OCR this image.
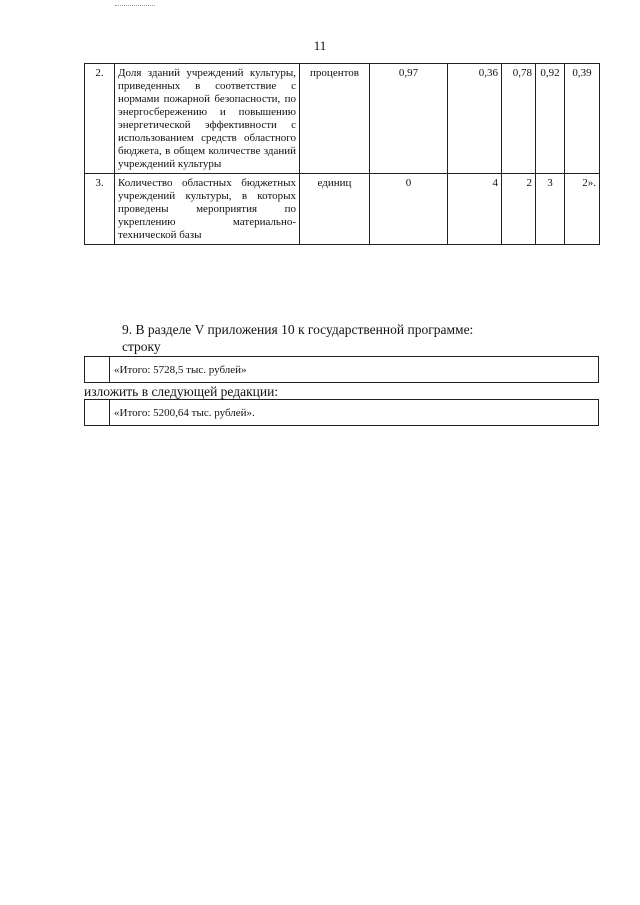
11
2.	Доля зданий учреждений культуры, приведенных в соответствие с нормами пожарной безопасности, по энергосбережению и повышению энергетической эффективности с использованием средств областного бюджета, в общем количестве зданий учреждений культуры	процентов	0,97	0,36	0,78	0,92	0,39
3.	Количество областных бюджетных учреждений культуры, в которых проведены мероприятия по укреплению материально-технической базы	единиц	0	4	2	3	2».
9. В разделе V приложения 10 к государственной программе:
строку
	«Итого: 5728,5 тыс. рублей»
изложить в следующей редакции:
	«Итого: 5200,64 тыс. рублей».
